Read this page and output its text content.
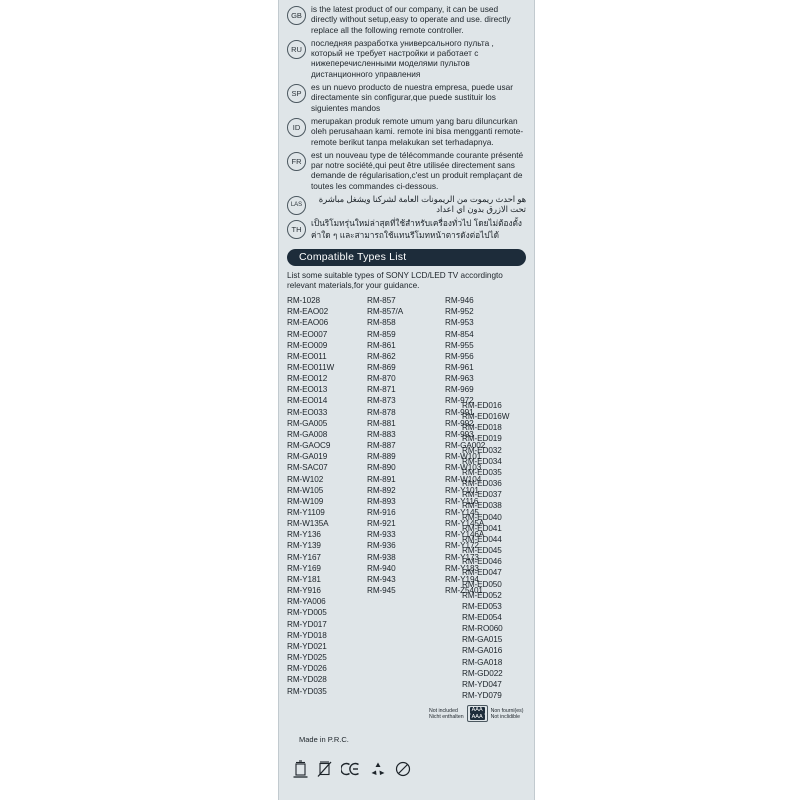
GB
is the latest product of our company, it can be used directly without setup,easy to operate and use. directly replace all the following remote controller.
RU
последняя разработка универсального пульта , который не требует настройки и работает с нижеперечисленными моделями пультов дистанционного управления
SP
es un nuevo producto de nuestra empresa, puede usar directamente sin configurar,que puede sustituir los siguientes mandos
ID
merupakan produk remote umum yang baru diluncurkan oleh perusahaan kami. remote ini bisa mengganti remote-remote berikut tanpa melakukan set terhadapnya.
FR
est un nouveau type de télécommande courante présenté par notre société,qui peut être utilisée directement sans demande de régularisation,c'est un produit remplaçant de toutes les commandes ci-dessous.
LAS
هو احدث ريموت من الريمونات العامة لشركنا ويشغل مباشرة تحت الازرق بدون اي اعداد
TH
เป็นริโมทรุ่นใหม่ล่าสุดที่ใช้สำหรับเครื่องทั่วไป โดยไม่ต้องตั้งค่าใด ๆ และสามารถใช้แทนรีโมทหน้าตารดังต่อไปได้
Compatible Types List
List some suitable types of SONY LCD/LED TV accordingto relevant materials,for your guidance.
RM-1028
RM-EAO02
RM-EAO06
RM-EO007
RM-EO009
RM-EO011
RM-EO011W
RM-EO012
RM-EO013
RM-EO014
RM-EO033
RM-GA005
RM-GA008
RM-GAOC9
RM-GA019
RM-SAC07
RM-W102
RM-W105
RM-W109
RM-Y1109
RM-W135A
RM-Y136
RM-Y139
RM-Y167
RM-Y169
RM-Y181
RM-Y916
RM-YA006
RM-YD005
RM-YD017
RM-YD018
RM-YD021
RM-YD025
RM-YD026
RM-YD028
RM-YD035
RM-857
RM-857/A
RM-858
RM-859
RM-861
RM-862
RM-869
RM-870
RM-871
RM-873
RM-878
RM-881
RM-883
RM-887
RM-889
RM-890
RM-891
RM-892
RM-893
RM-916
RM-921
RM-933
RM-936
RM-938
RM-940
RM-943
RM-945
RM-946
RM-952
RM-953
RM-854
RM-955
RM-956
RM-961
RM-963
RM-969
RM-972
RM-991
RM-992
RM-993
RM-GA002
RM-W101
RM-W103
RM-W104
RM-Y101
RM-Y116
RM-Y145
RM-Y145A
RM-Y146A
RM-Y172
RM-Y173
RM-Y183
RM-Y194
RM-Z5401
RM-ED016
RM-ED016W
RM-ED018
RM-ED019
RM-ED032
RM-ED034
RM-ED035
RM-ED036
RM-ED037
RM-ED038
RM-ED040
RM-ED041
RM-ED044
RM-ED045
RM-ED046
RM-ED047
RM-ED050
RM-ED052
RM-ED053
RM-ED054
RM-RO060
RM-GA015
RM-GA016
RM-GA018
RM-GD022
RM-YD047
RM-YD079
Not included
Nicht enthalten
AAA
AAA
Non fourni(es)
Not inclidible
Made in P.R.C.
